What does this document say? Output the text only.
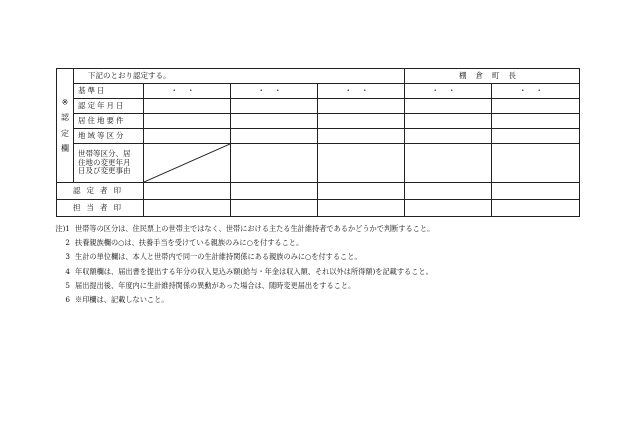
※
認
定
欄	下記のとおり認定する。				棚倉町長	
	基準日	・・	・・	・・	・・	・・
	認定年月日					
	居住地要件					
	地域等区分					

	世帯等区分、居
住地の変更年月
日及び変更事由

認定者印						
担当者印						
注)1 世帯等の区分は、住民票上の世帯主ではなく、世帯における主たる生計維持者であるかどうかで判断すること。
2 扶養親族欄の○は、扶養手当を受けている親族のみに○を付すること。
3 生計の単位欄は、本人と世帯内で同一の生計維持関係にある親族のみに○を付すること。
4 年収額欄は、届出書を提出する年分の収入見込み額(給与・年金は収入額、それ以外は所得額)を記載すること。
5 届出提出後、年度内に生計維持関係の異動があった場合は、随時変更届出をすること。
6 ※印欄は、記載しないこと。
